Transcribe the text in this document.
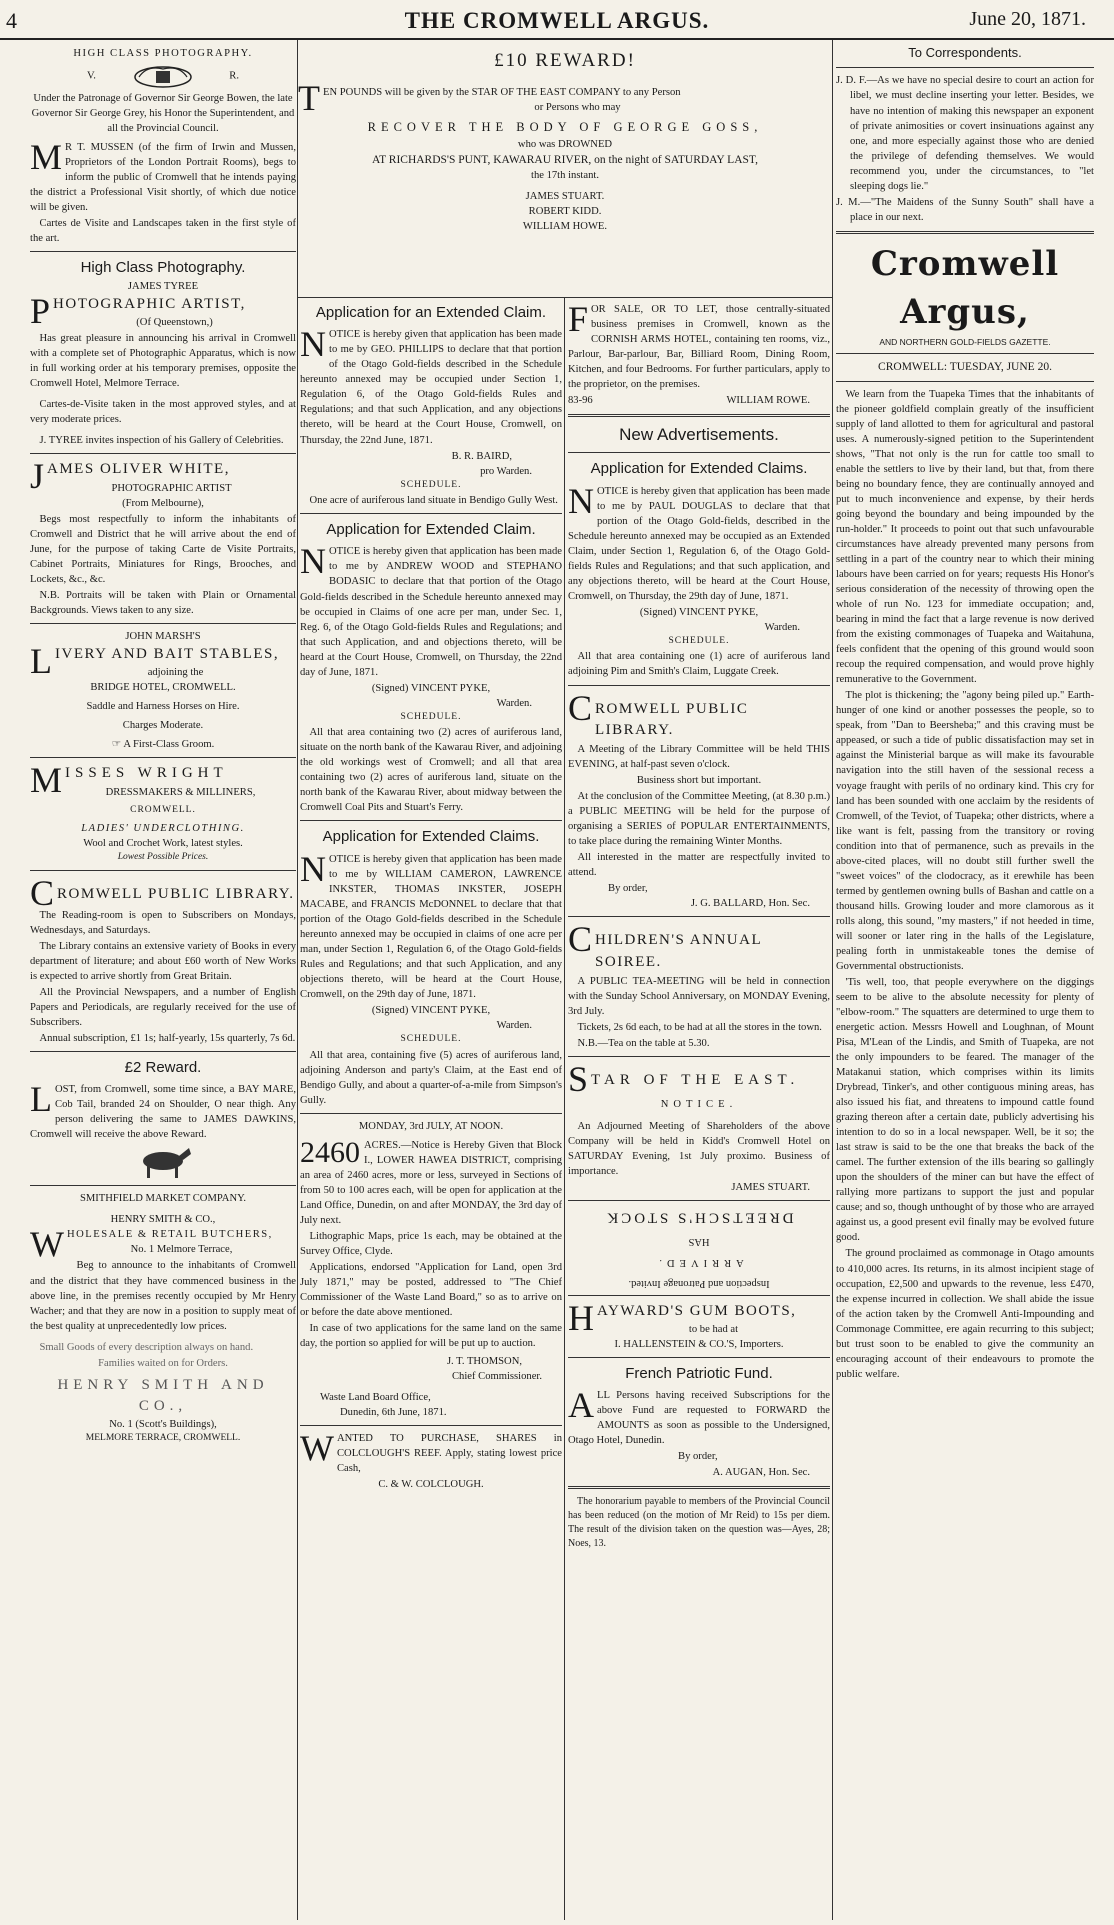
4	THE CROMWELL ARGUS.	June 20, 1871.
HIGH CLASS PHOTOGRAPHY.
V.	R.
Under the Patronage of Governor Sir George Bowen, the late Governor Sir George Grey, his Honor the Superintendent, and all the Provincial Council.
M R T. MUSSEN (of the firm of Irwin and Mussen, Proprietors of the London Portrait Rooms), begs to inform the public of Cromwell that he intends paying the district a Professional Visit shortly, of which due notice will be given.

Cartes de Visite and Landscapes taken in the first style of the art.

High Class Photography.
JAMES TYREE
P HOTOGRAPHIC ARTIST,
(Of Queenstown,)

Has great pleasure in announcing his arrival in Cromwell with a complete set of Photographic Apparatus, which is now in full working order at his temporary premises, opposite the Cromwell Hotel, Melmore Terrace.

Cartes-de-Visite taken in the most approved styles, and at very moderate prices.

J. TYREE invites inspection of his Gallery of Celebrities.

J AMES OLIVER WHITE,
PHOTOGRAPHIC ARTIST
(From Melbourne),

Begs most respectfully to inform the inhabitants of Cromwell and District that he will arrive about the end of June, for the purpose of taking Carte de Visite Portraits, Cabinet Portraits, Miniatures for Rings, Brooches, and Lockets, &c., &c.

N.B. Portraits will be taken with Plain or Ornamental Backgrounds. Views taken to any size.

JOHN MARSH'S
L IVERY AND BAIT STABLES,
adjoining the
BRIDGE HOTEL, CROMWELL.
Saddle and Harness Horses on Hire.
Charges Moderate.
☞ A First-Class Groom.
M ISSES WRIGHT
DRESSMAKERS & MILLINERS,
CROMWELL.
LADIES' UNDERCLOTHING.
Wool and Crochet Work, latest styles.
Lowest Possible Prices.
C ROMWELL PUBLIC LIBRARY.

The Reading-room is open to Subscribers on Mondays, Wednesdays, and Saturdays.

The Library contains an extensive variety of Books in every department of literature; and about £60 worth of New Works is expected to arrive shortly from Great Britain.

All the Provincial Newspapers, and a number of English Papers and Periodicals, are regularly received for the use of Subscribers.

Annual subscription, £1 1s; half-yearly, 15s quarterly, 7s 6d.

£2 Reward.
L OST, from Cromwell, some time since, a BAY MARE, Cob Tail, branded 24 on Shoulder, O near thigh. Any person delivering the same to JAMES DAWKINS, Cromwell will receive the above Reward.

SMITHFIELD MARKET COMPANY.
HENRY SMITH & CO.,
W HOLESALE & RETAIL BUTCHERS,
No. 1 Melmore Terrace,

Beg to announce to the inhabitants of Cromwell and the district that they have commenced business in the above line, in the premises recently occupied by Mr Henry Wacher; and that they are now in a position to supply meat of the best quality at unprecedentedly low prices.

Small Goods of every description always on hand.

Families waited on for Orders.
HENRY SMITH AND CO.,
No. 1 (Scott's Buildings),
MELMORE TERRACE, CROMWELL.
£10 REWARD!
T EN POUNDS will be given by the STAR OF THE EAST COMPANY to any Person
or Persons who may
RECOVER THE BODY OF GEORGE GOSS,
who was DROWNED
AT RICHARDS'S PUNT, KAWARAU RIVER, on the night of SATURDAY LAST,
the 17th instant.
JAMES STUART.
ROBERT KIDD.
WILLIAM HOWE.
Application for an Extended Claim.
N OTICE is hereby given that application has been made to me by GEO. PHILLIPS to declare that that portion of the Otago Gold-fields described in the Schedule hereunto annexed may be occupied under Section 1, Regulation 6, of the Otago Gold-fields Rules and Regulations; and that such Application, and any objections thereto, will be heard at the Court House, Cromwell, on Thursday, the 22nd June, 1871.

B. R. BAIRD,
pro Warden.
SCHEDULE.

One acre of auriferous land situate in Bendigo Gully West.

Application for Extended Claim.
N OTICE is hereby given that application has been made to me by ANDREW WOOD and STEPHANO BODASIC to declare that that portion of the Otago Gold-fields described in the Schedule hereunto annexed may be occupied in Claims of one acre per man, under Sec. 1, Reg. 6, of the Otago Gold-fields Rules and Regulations; and that such Application, and and objections thereto, will be heard at the Court House, Cromwell, on Thursday, the 22nd day of June, 1871.

(Signed) VINCENT PYKE,
Warden.
SCHEDULE.

All that area containing two (2) acres of auriferous land, situate on the north bank of the Kawarau River, and adjoining the old workings west of Cromwell; and all that area containing two (2) acres of auriferous land, situate on the north bank of the Kawarau River, about midway between the Cromwell Coal Pits and Stuart's Ferry.

Application for Extended Claims.
N OTICE is hereby given that application has been made to me by WILLIAM CAMERON, LAWRENCE INKSTER, THOMAS INKSTER, JOSEPH MACABE, and FRANCIS McDONNEL to declare that that portion of the Otago Gold-fields described in the Schedule hereunto annexed may be occupied in claims of one acre per man, under Section 1, Regulation 6, of the Otago Gold-fields Rules and Regulations; and that such Application, and any objections thereto, will be heard at the Court House, Cromwell, on the 29th day of June, 1871.

(Signed) VINCENT PYKE,
Warden.
SCHEDULE.

All that area, containing five (5) acres of auriferous land, adjoining Anderson and party's Claim, at the East end of Bendigo Gully, and about a quarter-of-a-mile from Simpson's Gully.

MONDAY, 3rd JULY, AT NOON.
2460 ACRES.—Notice is Hereby Given that Block I., LOWER HAWEA DISTRICT, comprising an area of 2460 acres, more or less, surveyed in Sections of from 50 to 100 acres each, will be open for application at the Land Office, Dunedin, on and after MONDAY, the 3rd day of July next.

Lithographic Maps, price 1s each, may be obtained at the Survey Office, Clyde.

Applications, endorsed "Application for Land, open 3rd July 1871," may be posted, addressed to "The Chief Commissioner of the Waste Land Board," so as to arrive on or before the date above mentioned.

In case of two applications for the same land on the same day, the portion so applied for will be put up to auction.

J. T. THOMSON,
Chief Commissioner.
Waste Land Board Office,
Dunedin, 6th June, 1871.
W ANTED TO PURCHASE, SHARES in COLCLOUGH'S REEF. Apply, stating lowest price Cash,

C. & W. COLCLOUGH.
F OR SALE, OR TO LET, those centrally-situated business premises in Cromwell, known as the CORNISH ARMS HOTEL, containing ten rooms, viz., Parlour, Bar-parlour, Bar, Billiard Room, Dining Room, Kitchen, and four Bedrooms. For further particulars, apply to the proprietor, on the premises.

83-96	WILLIAM ROWE.
New Advertisements.
Application for Extended Claims.
N OTICE is hereby given that application has been made to me by PAUL DOUGLAS to declare that that portion of the Otago Gold-fields, described in the Schedule hereunto annexed may be occupied as an Extended Claim, under Section 1, Regulation 6, of the Otago Gold-fields Rules and Regulations; and that such application, and any objections thereto, will be heard at the Court House, Cromwell, on Thursday, the 29th day of June, 1871.

(Signed) VINCENT PYKE,
Warden.
SCHEDULE.

All that area containing one (1) acre of auriferous land adjoining Pim and Smith's Claim, Luggate Creek.

C ROMWELL PUBLIC LIBRARY.

A Meeting of the Library Committee will be held THIS EVENING, at half-past seven o'clock.

Business short but important.

At the conclusion of the Committee Meeting, (at 8.30 p.m.) a PUBLIC MEETING will be held for the purpose of organising a SERIES of POPULAR ENTERTAINMENTS, to take place during the remaining Winter Months.

All interested in the matter are respectfully invited to attend.

By order,
J. G. BALLARD, Hon. Sec.
C HILDREN'S ANNUAL SOIREE.

A PUBLIC TEA-MEETING will be held in connection with the Sunday School Anniversary, on MONDAY Evening, 3rd July.

Tickets, 2s 6d each, to be had at all the stores in the town.

N.B.—Tea on the table at 5.30.

S TAR OF THE EAST.
NOTICE.

An Adjourned Meeting of Shareholders of the above Company will be held in Kidd's Cromwell Hotel on SATURDAY Evening, 1st July proximo. Business of importance.

JAMES STUART.
DREETSCH'S STOCK
HAS
ARRIVED.
Inspection and Patronage Invited.
H AYWARD'S GUM BOOTS,
to be had at
I. HALLENSTEIN & CO.'S, Importers.
French Patriotic Fund.
A LL Persons having received Subscriptions for the above Fund are requested to FORWARD the AMOUNTS as soon as possible to the Undersigned, Otago Hotel, Dunedin.

By order,
A. AUGAN, Hon. Sec.

The honorarium payable to members of the Provincial Council has been reduced (on the motion of Mr Reid) to 15s per diem. The result of the division taken on the question was—Ayes, 28; Noes, 13.

To Correspondents.

J. D. F.—As we have no special desire to court an action for libel, we must decline inserting your letter. Besides, we have no intention of making this newspaper an exponent of private animosities or covert insinuations against any one, and more especially against those who are denied the privilege of defending themselves. We would recommend you, under the circumstances, to "let sleeping dogs lie."

J. M.—"The Maidens of the Sunny South" shall have a place in our next.

Cromwell Argus,
AND NORTHERN GOLD-FIELDS GAZETTE.
CROMWELL: TUESDAY, JUNE 20.

We learn from the Tuapeka Times that the inhabitants of the pioneer goldfield complain greatly of the insufficient supply of land allotted to them for agricultural and pastoral uses. A numerously-signed petition to the Superintendent shows, "That not only is the run for cattle too small to enable the settlers to live by their land, but that, from there being no boundary fence, they are continually annoyed and put to much inconvenience and expense, by their herds going beyond the boundary and being impounded by the run-holder." It proceeds to point out that such unfavourable circumstances have already prevented many persons from settling in a part of the country near to which their mining labours have been carried on for years; requests His Honor's serious consideration of the necessity of throwing open the whole of run No. 123 for immediate occupation; and, bearing in mind the fact that a large revenue is now derived from the existing commonages of Tuapeka and Waitahuna, feels confident that the opening of this ground would soon recoup the required compensation, and would prove highly remunerative to the Government.

The plot is thickening; the "agony being piled up." Earth-hunger of one kind or another possesses the people, so to speak, from "Dan to Beersheba;" and this craving must be appeased, or such a tide of public dissatisfaction may set in against the Ministerial barque as will make its favourable navigation into the still haven of the sessional recess a voyage fraught with perils of no ordinary kind. This cry for land has been sounded with one acclaim by the residents of Cromwell, of the Teviot, of Tuapeka; other districts, where a like want is felt, passing from the transitory or roving condition into that of permanence, such as prevails in the above-cited places, will no doubt still further swell the "sweet voices" of the clodocracy, as it erewhile has been termed by gentlemen owning bulls of Bashan and cattle on a thousand hills. Growing louder and more clamorous as it rolls along, this sound, "my masters," if not heeded in time, will sooner or later ring in the halls of the Legislature, pealing forth in unmistakeable tones the demise of Governmental obstructionists.

'Tis well, too, that people everywhere on the diggings seem to be alive to the absolute necessity for plenty of "elbow-room." The squatters are determined to urge them to energetic action. Messrs Howell and Loughnan, of Mount Pisa, M'Lean of the Lindis, and Smith of Tuapeka, are not the only impounders to be feared. The manager of the Matakanui station, which comprises within its limits Drybread, Tinker's, and other contiguous mining areas, has also issued his fiat, and threatens to impound cattle found grazing thereon after a certain date, publicly advertising his intention to do so in a local newspaper. Well, be it so; the last straw is said to be the one that breaks the back of the camel. The further extension of the ills bearing so gallingly upon the shoulders of the miner can but have the effect of rallying more partizans to support the just and popular cause; and so, though unthought of by those who are arrayed against us, a good present evil finally may be evolved future good.

The ground proclaimed as commonage in Otago amounts to 410,000 acres. Its returns, in its almost incipient stage of occupation, £2,500 and upwards to the revenue, less £470, the expense incurred in collection. We shall abide the issue of the action taken by the Cromwell Anti-Impounding and Commonage Committee, ere again recurring to this subject; but trust soon to be enabled to give the community an encouraging account of their endeavours to promote the public welfare.
